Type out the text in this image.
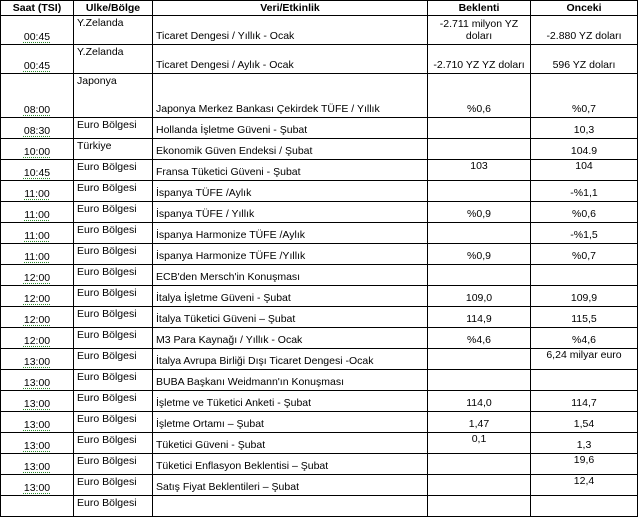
Saat (TSI)	Ulke/Bölge	Veri/Etkinlik	Beklenti	Onceki
00:45	Y.Zelanda	Ticaret Dengesi / Yıllık - Ocak	-2.711 milyon YZ doları	-2.880 YZ doları
00:45	Y.Zelanda	Ticaret Dengesi / Aylık - Ocak	-2.710 YZ YZ doları	596 YZ doları
08:00	Japonya	Japonya Merkez Bankası Çekirdek TÜFE / Yıllık	%0,6	%0,7
08:30	Euro Bölgesi	Hollanda İşletme Güveni - Şubat		10,3
10:00	Türkiye	Ekonomik Güven Endeksi / Şubat		104.9
10:45	Euro Bölgesi	Fransa Tüketici Güveni - Şubat	103	104
11:00	Euro Bölgesi	İspanya TÜFE /Aylık		-%1,1
11:00	Euro Bölgesi	İspanya TÜFE / Yıllık	%0,9	%0,6
11:00	Euro Bölgesi	İspanya Harmonize TÜFE /Aylık		-%1,5
11:00	Euro Bölgesi	İspanya Harmonize TÜFE /Yıllık	%0,9	%0,7
12:00	Euro Bölgesi	ECB'den Mersch'in Konuşması		
12:00	Euro Bölgesi	İtalya İşletme Güveni - Şubat	109,0	109,9
12:00	Euro Bölgesi	İtalya Tüketici Güveni – Şubat	114,9	115,5
12:00	Euro Bölgesi	M3 Para Kaynağı / Yıllık - Ocak	%4,6	%4,6
13:00	Euro Bölgesi	İtalya Avrupa Birliği Dışı Ticaret Dengesi -Ocak		6,24 milyar euro
13:00	Euro Bölgesi	BUBA Başkanı Weidmann'ın Konuşması		
13:00	Euro Bölgesi	İşletme ve Tüketici Anketi - Şubat	114,0	114,7
13:00	Euro Bölgesi	İşletme Ortamı – Şubat	1,47	1,54
13:00	Euro Bölgesi	Tüketici Güveni - Şubat	0,1	1,3
13:00	Euro Bölgesi	Tüketici Enflasyon Beklentisi – Şubat		19,6
13:00	Euro Bölgesi	Satış Fiyat Beklentileri – Şubat		12,4
	Euro Bölgesi			
